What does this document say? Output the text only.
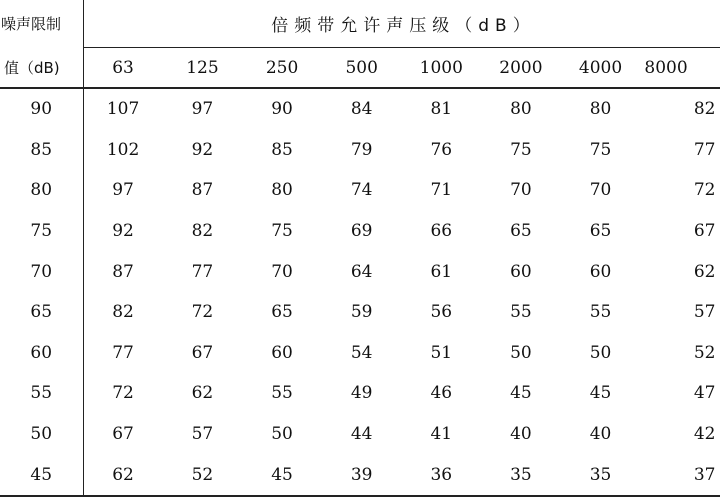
噪声限制	倍频带允许声压级（dB）							
值（dB)	63	125	250	500	1000	2000	4000	8000
90	107	97	90	84	81	80	80	82
85	102	92	85	79	76	75	75	77
80	97	87	80	74	71	70	70	72
75	92	82	75	69	66	65	65	67
70	87	77	70	64	61	60	60	62
65	82	72	65	59	56	55	55	57
60	77	67	60	54	51	50	50	52
55	72	62	55	49	46	45	45	47
50	67	57	50	44	41	40	40	42
45	62	52	45	39	36	35	35	37
